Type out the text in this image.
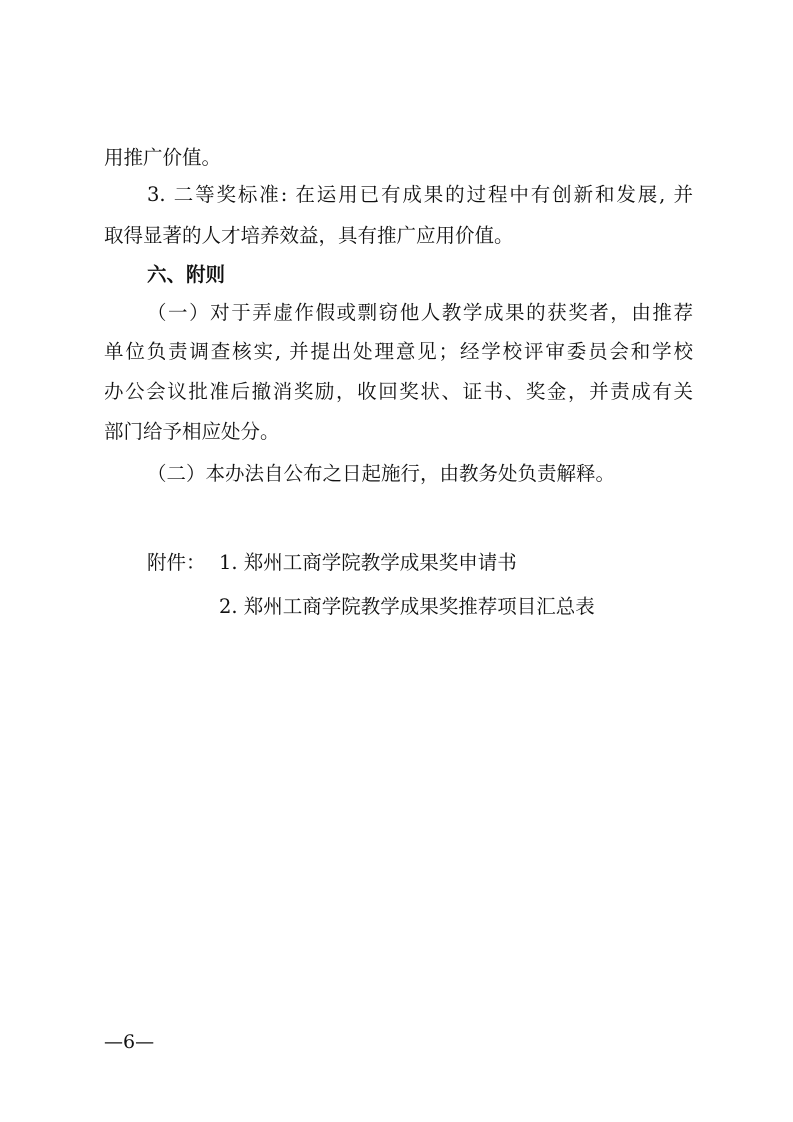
用推广价值。
3. 二等奖标准: 在运用已有成果的过程中有创新和发展, 并
取得显著的人才培养效益，具有推广应用价值。
六、附则
（一）对于弄虚作假或剽窃他人教学成果的获奖者，由推荐
单位负责调查核实, 并提出处理意见；经学校评审委员会和学校
办公会议批准后撤消奖励，收回奖状、证书、奖金，并责成有关
部门给予相应处分。
（二）本办法自公布之日起施行，由教务处负责解释。
附件： 1. 郑州工商学院教学成果奖申请书
2. 郑州工商学院教学成果奖推荐项目汇总表
—6—
